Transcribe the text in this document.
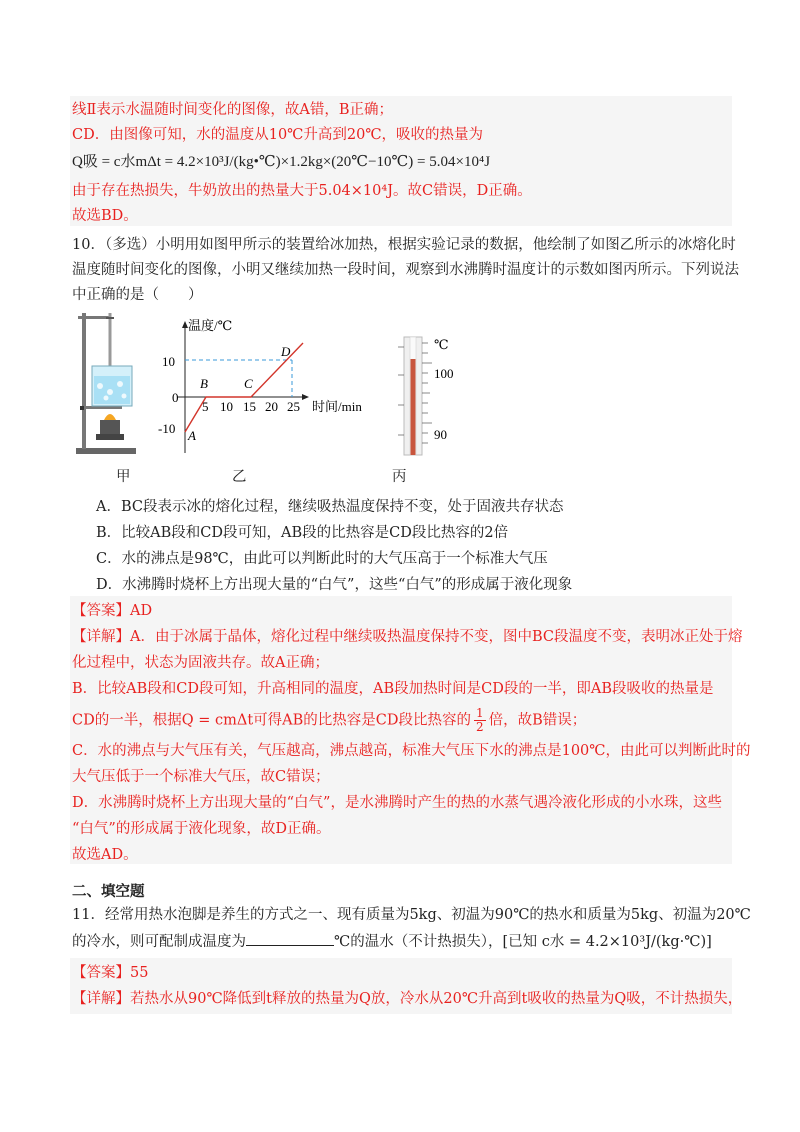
线Ⅱ表示水温随时间变化的图像，故A错，B正确；
CD．由图像可知，水的温度从10℃升高到20℃，吸收的热量为
Q吸 = c水mΔt = 4.2×10³J/(kg•℃)×1.2kg×(20℃−10℃) = 5.04×10⁴J
由于存在热损失，牛奶放出的热量大于5.04×10⁴J。故C错误，D正确。
故选BD。
10．（多选）小明用如图甲所示的装置给冰加热，根据实验记录的数据，他绘制了如图乙所示的冰熔化时
温度随时间变化的图像，小明又继续加热一段时间，观察到水沸腾时温度计的示数如图丙所示。下列说法
中正确的是（　　）
温度/℃
时间/min
10
0
-10
5 10 15 20 25
A
B	C
D	℃
100
90
甲	乙	丙
A．BC段表示冰的熔化过程，继续吸热温度保持不变，处于固液共存状态
B．比较AB段和CD段可知，AB段的比热容是CD段比热容的2倍
C．水的沸点是98℃，由此可以判断此时的大气压高于一个标准大气压
D．水沸腾时烧杯上方出现大量的“白气”，这些“白气”的形成属于液化现象
【答案】AD
【详解】A．由于冰属于晶体，熔化过程中继续吸热温度保持不变，图中BC段温度不变，表明冰正处于熔
化过程中，状态为固液共存。故A正确；
B．比较AB段和CD段可知，升高相同的温度，AB段加热时间是CD段的一半，即AB段吸收的热量是
CD的一半，根据Q = cmΔt可得AB的比热容是CD段比热容的 $\frac{1}{2}$ 倍，故B错误；
C．水的沸点与大气压有关，气压越高，沸点越高，标准大气压下水的沸点是100℃，由此可以判断此时的
大气压低于一个标准大气压，故C错误；
D．水沸腾时烧杯上方出现大量的“白气”，是水沸腾时产生的热的水蒸气遇冷液化形成的小水珠，这些
“白气”的形成属于液化现象，故D正确。
故选AD。
二、填空题
11．经常用热水泡脚是养生的方式之一、现有质量为5kg、初温为90℃的热水和质量为5kg、初温为20℃
的冷水，则可配制成温度为	℃的温水（不计热损失），[已知 c水 = 4.2×10³J/(kg·℃)]
【答案】55
【详解】若热水从90℃降低到t释放的热量为Q放，冷水从20℃升高到t吸收的热量为Q吸，不计热损失，
